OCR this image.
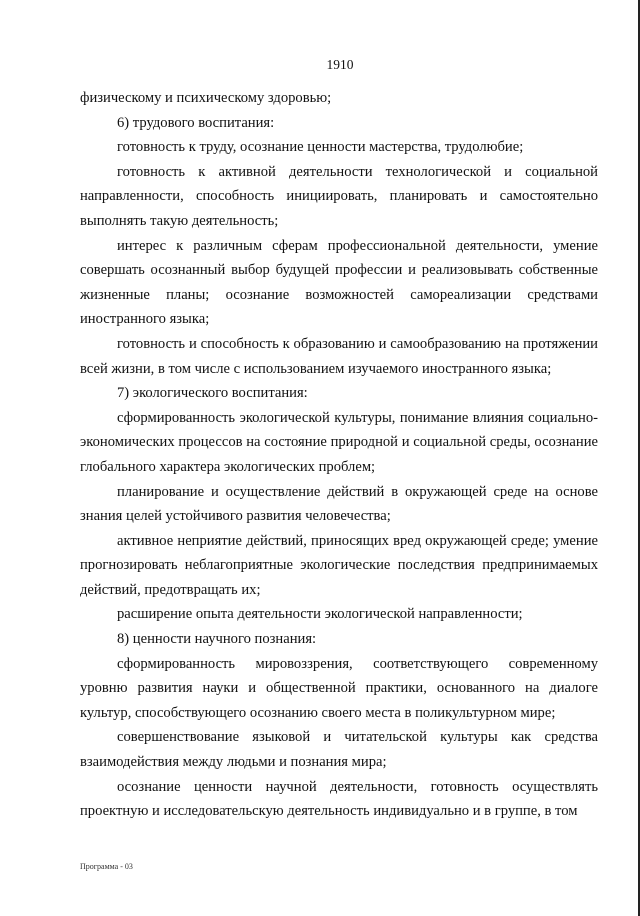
1910

физическому и психическому здоровью;

6) трудового воспитания:

готовность к труду, осознание ценности мастерства, трудолюбие;

готовность к активной деятельности технологической и социальной направленности, способность инициировать, планировать и самостоятельно выполнять такую деятельность;

интерес к различным сферам профессиональной деятельности, умение совершать осознанный выбор будущей профессии и реализовывать собственные жизненные планы; осознание возможностей самореализации средствами иностранного языка;

готовность и способность к образованию и самообразованию на протяжении всей жизни, в том числе с использованием изучаемого иностранного языка;

7) экологического воспитания:

сформированность экологической культуры, понимание влияния социально-экономических процессов на состояние природной и социальной среды, осознание глобального характера экологических проблем;

планирование и осуществление действий в окружающей среде на основе знания целей устойчивого развития человечества;

активное неприятие действий, приносящих вред окружающей среде; умение прогнозировать неблагоприятные экологические последствия предпринимаемых действий, предотвращать их;

расширение опыта деятельности экологической направленности;

8) ценности научного познания:

сформированность мировоззрения, соответствующего современному уровню развития науки и общественной практики, основанного на диалоге культур, способствующего осознанию своего места в поликультурном мире;

совершенствование языковой и читательской культуры как средства взаимодействия между людьми и познания мира;

осознание ценности научной деятельности, готовность осуществлять проектную и исследовательскую деятельность индивидуально и в группе, в том

Программа - 03
